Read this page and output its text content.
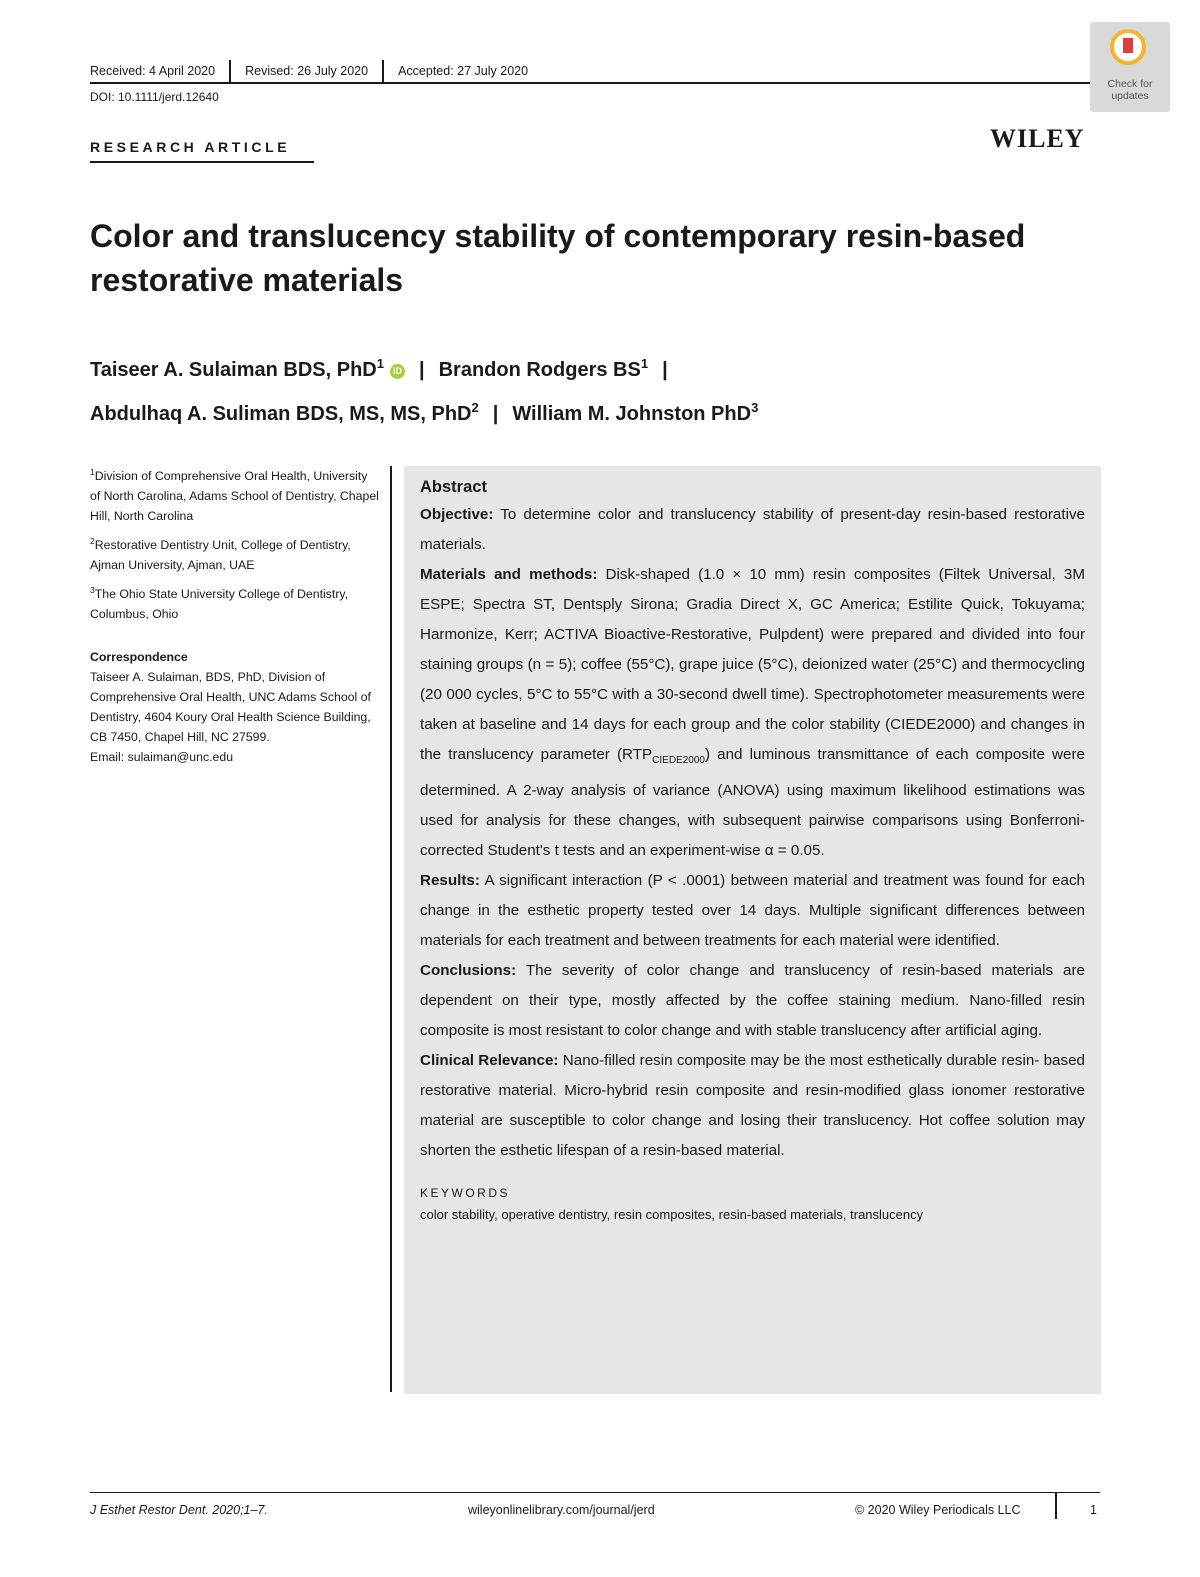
Received: 4 April 2020 Revised: 26 July 2020 Accepted: 27 July 2020
DOI: 10.1111/jerd.12640
Check for updates
RESEARCH ARTICLE	WILEY
Color and translucency stability of contemporary resin-based restorative materials
Taiseer A. Sulaiman BDS, PhD$^1$ iD | Brandon Rodgers $BS^1$ |
Abdulhaq A. Suliman BDS, MS, MS, PhD$^2$ | William M. Johnston PhD$^3$
$^1$Division of Comprehensive Oral Health, University of North Carolina, Adams School of Dentistry, Chapel Hill, North Carolina
$^2$Restorative Dentistry Unit, College of Dentistry, Ajman University, Ajman, UAE
$^3$The Ohio State University College of Dentistry, Columbus, Ohio
Correspondence
Taiseer A. Sulaiman, BDS, PhD, Division of Comprehensive Oral Health, UNC Adams School of Dentistry, 4604 Koury Oral Health Science Building, CB 7450, Chapel Hill, NC 27599.
Email: sulaiman@unc.edu
Abstract

Objective: To determine color and translucency stability of present-day resin-based restorative materials.

Materials and methods: Disk-shaped (1.0 × 10 mm) resin composites (Filtek Universal, 3M ESPE; Spectra ST, Dentsply Sirona; Gradia Direct X, GC America; Estilite Quick, Tokuyama; Harmonize, Kerr; ACTIVA Bioactive-Restorative, Pulpdent) were prepared and divided into four staining groups (n = 5); coffee (55°C), grape juice (5°C), deionized water (25°C) and thermocycling (20 000 cycles, 5°C to 55°C with a 30-second dwell time). Spectrophotometer measurements were taken at baseline and 14 days for each group and the color stability (CIEDE2000) and changes in the translucency parameter $(RTP_{CIEDE2000})$ and luminous transmittance of each composite were determined. A 2-way analysis of variance (ANOVA) using maximum likelihood estimations was used for analysis for these changes, with subsequent pairwise comparisons using Bonferroni-corrected Student's t tests and an experiment-wise α = 0.05.

Results: A significant interaction (P < .0001) between material and treatment was found for each change in the esthetic property tested over 14 days. Multiple significant differences between materials for each treatment and between treatments for each material were identified.

Conclusions: The severity of color change and translucency of resin-based materials are dependent on their type, mostly affected by the coffee staining medium. Nano-filled resin composite is most resistant to color change and with stable translucency after artificial aging.

Clinical Relevance: Nano-filled resin composite may be the most esthetically durable resin- based restorative material. Micro-hybrid resin composite and resin-modified glass ionomer restorative material are susceptible to color change and losing their translucency. Hot coffee solution may shorten the esthetic lifespan of a resin-based material.

KEYWORDS
color stability, operative dentistry, resin composites, resin-based materials, translucency
J Esthet Restor Dent. 2020;1–7.	wileyonlinelibrary.com/journal/jerd	© 2020 Wiley Periodicals LLC	1
